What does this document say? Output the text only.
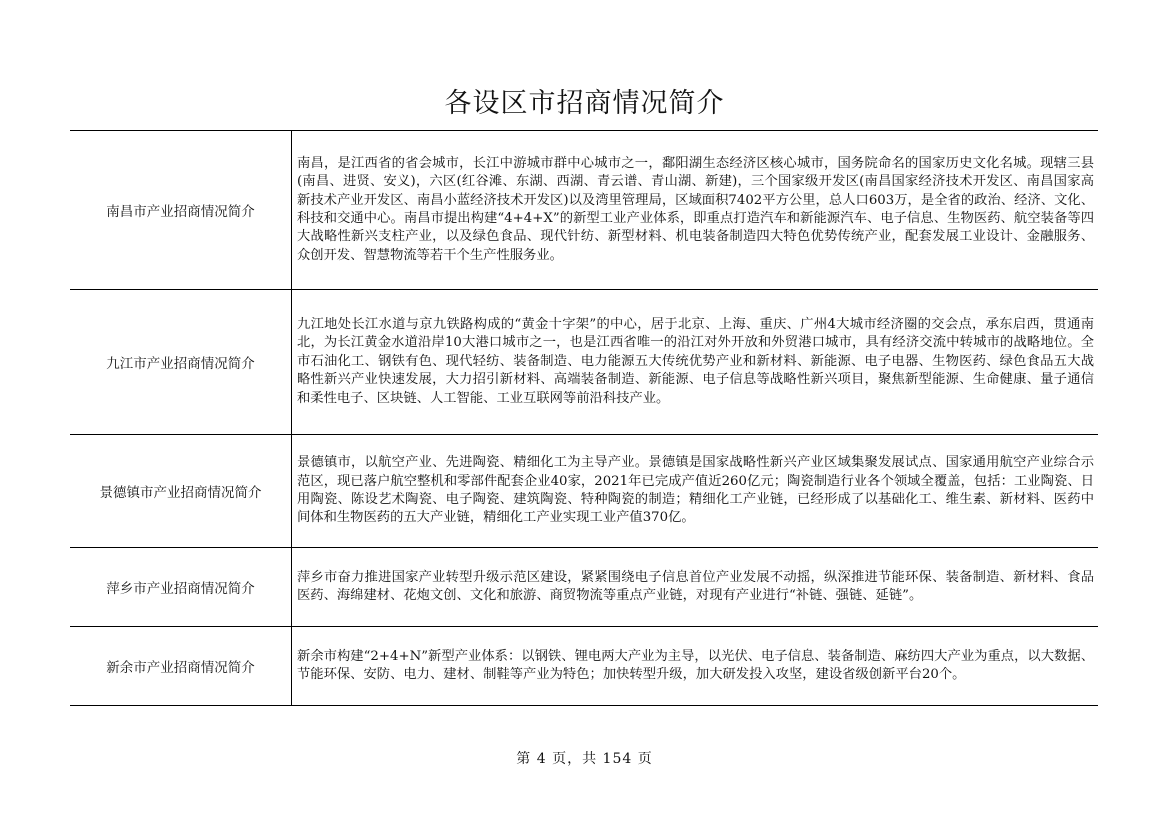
各设区市招商情况简介
南昌市产业招商情况简介	南昌，是江西省的省会城市，长江中游城市群中心城市之一，鄱阳湖生态经济区核心城市，国务院命名的国家历史文化名城。现辖三县(南昌、进贤、安义)，六区(红谷滩、东湖、西湖、青云谱、青山湖、新建)，三个国家级开发区(南昌国家经济技术开发区、南昌国家高新技术产业开发区、南昌小蓝经济技术开发区)以及湾里管理局，区域面积7402平方公里，总人口603万，是全省的政治、经济、文化、科技和交通中心。南昌市提出构建“4+4+X”的新型工业产业体系，即重点打造汽车和新能源汽车、电子信息、生物医药、航空装备等四大战略性新兴支柱产业，以及绿色食品、现代针纺、新型材料、机电装备制造四大特色优势传统产业，配套发展工业设计、金融服务、众创开发、智慧物流等若干个生产性服务业。
九江市产业招商情况简介	九江地处长江水道与京九铁路构成的“黄金十字架”的中心，居于北京、上海、重庆、广州4大城市经济圈的交会点，承东启西，贯通南北，为长江黄金水道沿岸10大港口城市之一，也是江西省唯一的沿江对外开放和外贸港口城市，具有经济交流中转城市的战略地位。全市石油化工、钢铁有色、现代轻纺、装备制造、电力能源五大传统优势产业和新材料、新能源、电子电器、生物医药、绿色食品五大战略性新兴产业快速发展，大力招引新材料、高端装备制造、新能源、电子信息等战略性新兴项目，聚焦新型能源、生命健康、量子通信和柔性电子、区块链、人工智能、工业互联网等前沿科技产业。
景德镇市产业招商情况简介	景德镇市，以航空产业、先进陶瓷、精细化工为主导产业。景德镇是国家战略性新兴产业区域集聚发展试点、国家通用航空产业综合示范区，现已落户航空整机和零部件配套企业40家，2021年已完成产值近260亿元；陶瓷制造行业各个领域全覆盖，包括：工业陶瓷、日用陶瓷、陈设艺术陶瓷、电子陶瓷、建筑陶瓷、特种陶瓷的制造；精细化工产业链，已经形成了以基础化工、维生素、新材料、医药中间体和生物医药的五大产业链，精细化工产业实现工业产值370亿。
萍乡市产业招商情况简介	萍乡市奋力推进国家产业转型升级示范区建设，紧紧围绕电子信息首位产业发展不动摇，纵深推进节能环保、装备制造、新材料、食品医药、海绵建材、花炮文创、文化和旅游、商贸物流等重点产业链，对现有产业进行“补链、强链、延链”。
新余市产业招商情况简介	新余市构建“2+4+N”新型产业体系：以钢铁、锂电两大产业为主导，以光伏、电子信息、装备制造、麻纺四大产业为重点，以大数据、节能环保、安防、电力、建材、制鞋等产业为特色；加快转型升级，加大研发投入攻坚，建设省级创新平台20个。
第 4 页，共 154 页
